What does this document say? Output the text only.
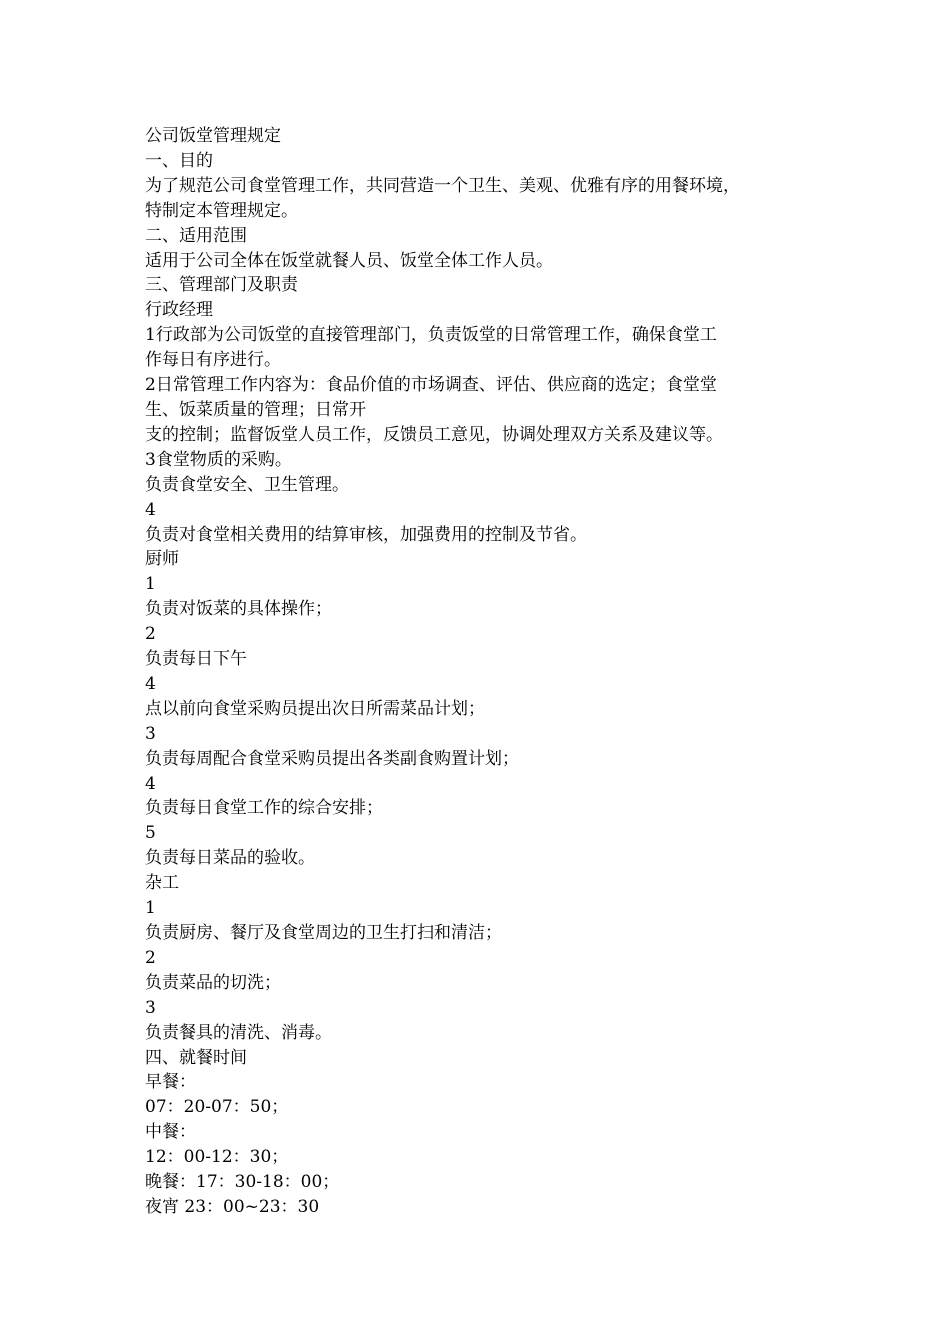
公司饭堂管理规定
一、目的
为了规范公司食堂管理工作，共同营造一个卫生、美观、优雅有序的用餐环境，
特制定本管理规定。
二、适用范围
适用于公司全体在饭堂就餐人员、饭堂全体工作人员。
三、管理部门及职责
行政经理
1行政部为公司饭堂的直接管理部门，负责饭堂的日常管理工作，确保食堂工
作每日有序进行。
2日常管理工作内容为：食品价值的市场调查、评估、供应商的选定；食堂堂
生、饭菜质量的管理；日常开
支的控制；监督饭堂人员工作，反馈员工意见，协调处理双方关系及建议等。
3食堂物质的采购。
负责食堂安全、卫生管理。
4
负责对食堂相关费用的结算审核，加强费用的控制及节省。
厨师
1
负责对饭菜的具体操作；
2
负责每日下午
4
点以前向食堂采购员提出次日所需菜品计划；
3
负责每周配合食堂采购员提出各类副食购置计划；
4
负责每日食堂工作的综合安排；
5
负责每日菜品的验收。
杂工
1
负责厨房、餐厅及食堂周边的卫生打扫和清洁；
2
负责菜品的切洗；
3
负责餐具的清洗、消毒。
四、就餐时间
早餐：
07：20-07：50；
中餐：
12：00-12：30；
晚餐：17：30-18：00；
夜宵 23：00~23：30
